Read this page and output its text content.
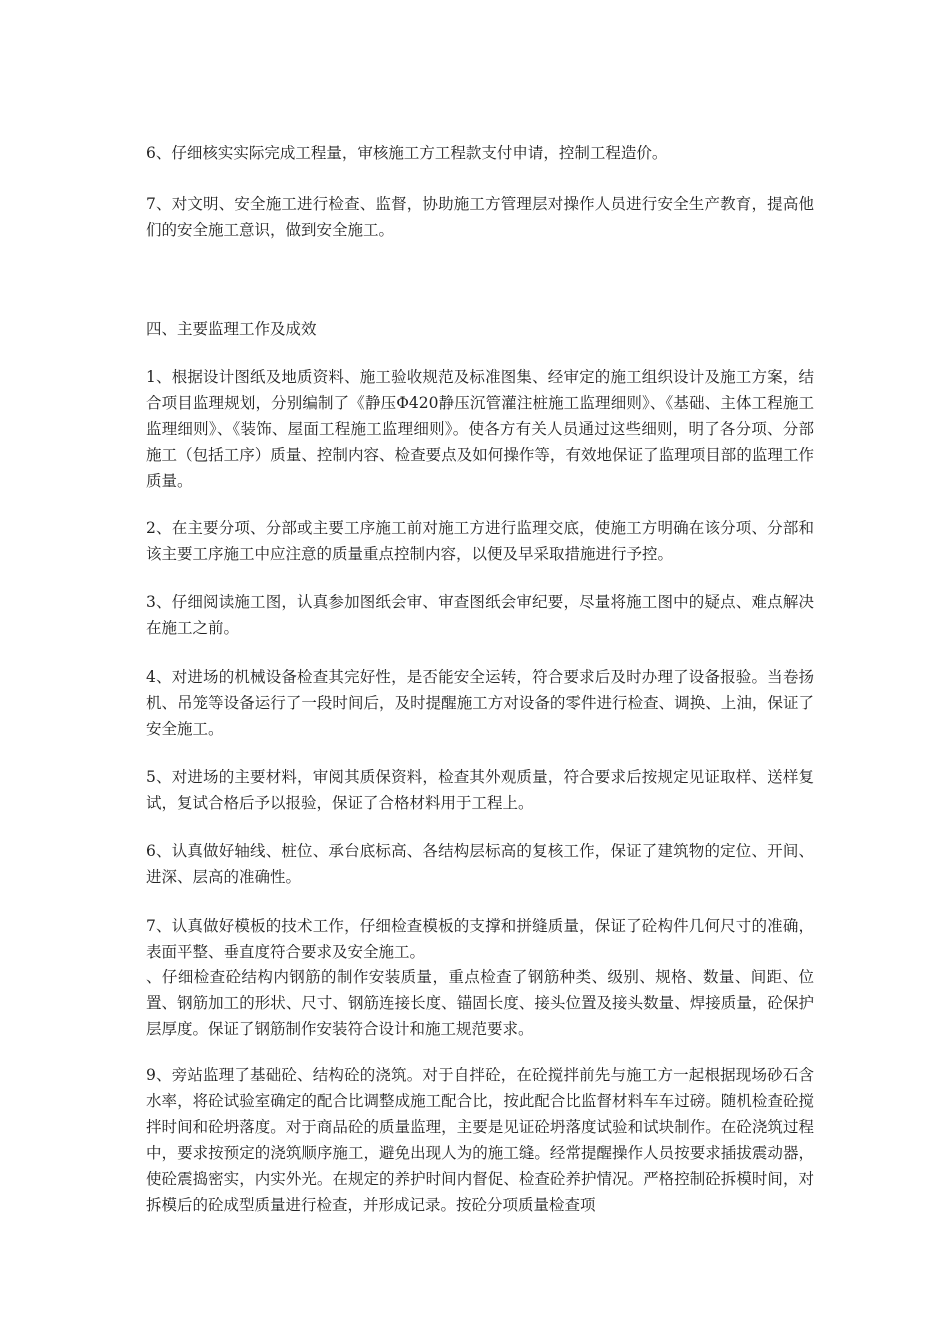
6、仔细核实实际完成工程量，审核施工方工程款支付申请，控制工程造价。

7、对文明、安全施工进行检查、监督，协助施工方管理层对操作人员进行安全生产教育，提高他们的安全施工意识，做到安全施工。

四、主要监理工作及成效

1、根据设计图纸及地质资料、施工验收规范及标准图集、经审定的施工组织设计及施工方案，结合项目监理规划，分别编制了《静压Φ420静压沉管灌注桩施工监理细则》、《基础、主体工程施工监理细则》、《装饰、屋面工程施工监理细则》。使各方有关人员通过这些细则，明了各分项、分部施工（包括工序）质量、控制内容、检查要点及如何操作等，有效地保证了监理项目部的监理工作质量。

2、在主要分项、分部或主要工序施工前对施工方进行监理交底，使施工方明确在该分项、分部和该主要工序施工中应注意的质量重点控制内容，以便及早采取措施进行予控。

3、仔细阅读施工图，认真参加图纸会审、审查图纸会审纪要，尽量将施工图中的疑点、难点解决在施工之前。

4、对进场的机械设备检查其完好性，是否能安全运转，符合要求后及时办理了设备报验。当卷扬机、吊笼等设备运行了一段时间后，及时提醒施工方对设备的零件进行检查、调换、上油，保证了安全施工。

5、对进场的主要材料，审阅其质保资料，检查其外观质量，符合要求后按规定见证取样、送样复试，复试合格后予以报验，保证了合格材料用于工程上。

6、认真做好轴线、桩位、承台底标高、各结构层标高的复核工作，保证了建筑物的定位、开间、进深、层高的准确性。

7、认真做好模板的技术工作，仔细检查模板的支撑和拼缝质量，保证了砼构件几何尺寸的准确，表面平整、垂直度符合要求及安全施工。

、仔细检查砼结构内钢筋的制作安装质量，重点检查了钢筋种类、级别、规格、数量、间距、位置、钢筋加工的形状、尺寸、钢筋连接长度、锚固长度、接头位置及接头数量、焊接质量，砼保护层厚度。保证了钢筋制作安装符合设计和施工规范要求。

9、旁站监理了基础砼、结构砼的浇筑。对于自拌砼，在砼搅拌前先与施工方一起根据现场砂石含水率，将砼试验室确定的配合比调整成施工配合比，按此配合比监督材料车车过磅。随机检查砼搅拌时间和砼坍落度。对于商品砼的质量监理，主要是见证砼坍落度试验和试块制作。在砼浇筑过程中，要求按预定的浇筑顺序施工，避免出现人为的施工缝。经常提醒操作人员按要求插拔震动器，使砼震捣密实，内实外光。在规定的养护时间内督促、检查砼养护情况。严格控制砼拆模时间，对拆模后的砼成型质量进行检查，并形成记录。按砼分项质量检查项
